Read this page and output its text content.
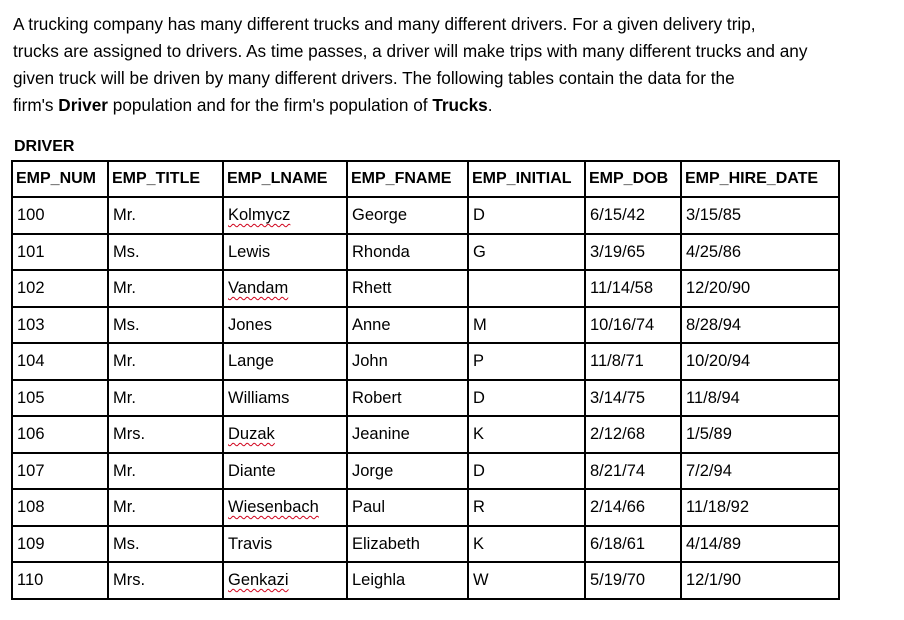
A trucking company has many different trucks and many different drivers. For a given delivery trip,
trucks are assigned to drivers. As time passes, a driver will make trips with many different trucks and any
given truck will be driven by many different drivers. The following tables contain the data for the
firm's Driver population and for the firm's population of Trucks.

DRIVER

EMP_NUM	EMP_TITLE	EMP_LNAME	EMP_FNAME	EMP_INITIAL	EMP_DOB	EMP_HIRE_DATE
100	Mr.	Kolmycz	George	D	6/15/42	3/15/85
101	Ms.	Lewis	Rhonda	G	3/19/65	4/25/86
102	Mr.	Vandam	Rhett		11/14/58	12/20/90
103	Ms.	Jones	Anne	M	10/16/74	8/28/94
104	Mr.	Lange	John	P	11/8/71	10/20/94
105	Mr.	Williams	Robert	D	3/14/75	11/8/94
106	Mrs.	Duzak	Jeanine	K	2/12/68	1/5/89
107	Mr.	Diante	Jorge	D	8/21/74	7/2/94
108	Mr.	Wiesenbach	Paul	R	2/14/66	11/18/92
109	Ms.	Travis	Elizabeth	K	6/18/61	4/14/89
110	Mrs.	Genkazi	Leighla	W	5/19/70	12/1/90
